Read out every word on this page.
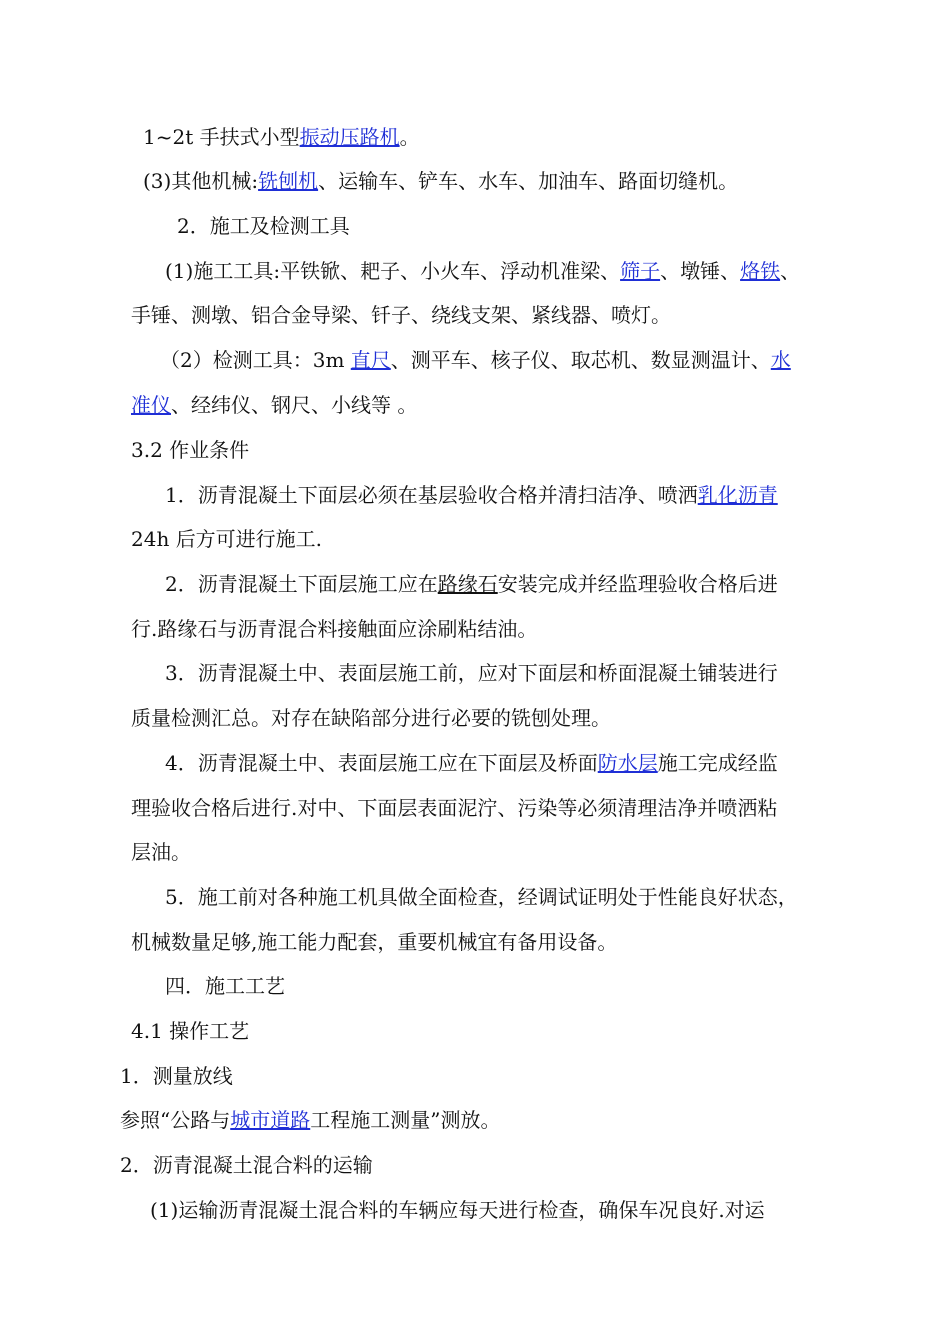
1~2t 手扶式小型振动压路机。
(3)其他机械:铣刨机、运输车、铲车、水车、加油车、路面切缝机。
2．施工及检测工具
(1)施工工具:平铁锨、耙子、小火车、浮动机准梁、筛子、墩锤、烙铁、
手锤、测墩、铝合金导梁、钎子、绕线支架、紧线器、喷灯。
（2）检测工具：3m 直尺、测平车、核子仪、取芯机、数显测温计、水
准仪、经纬仪、钢尺、小线等 。
3.2 作业条件
1．沥青混凝土下面层必须在基层验收合格并清扫洁净、喷洒乳化沥青
24h 后方可进行施工.
2．沥青混凝土下面层施工应在路缘石安装完成并经监理验收合格后进
行.路缘石与沥青混合料接触面应涂刷粘结油。
3．沥青混凝土中、表面层施工前，应对下面层和桥面混凝土铺装进行
质量检测汇总。对存在缺陷部分进行必要的铣刨处理。
4．沥青混凝土中、表面层施工应在下面层及桥面防水层施工完成经监
理验收合格后进行.对中、下面层表面泥泞、污染等必须清理洁净并喷洒粘
层油。
5．施工前对各种施工机具做全面检查，经调试证明处于性能良好状态，
机械数量足够,施工能力配套，重要机械宜有备用设备。
四．施工工艺
4.1 操作工艺
1．测量放线
参照“公路与城市道路工程施工测量”测放。
2．沥青混凝土混合料的运输
(1)运输沥青混凝土混合料的车辆应每天进行检查，确保车况良好.对运
